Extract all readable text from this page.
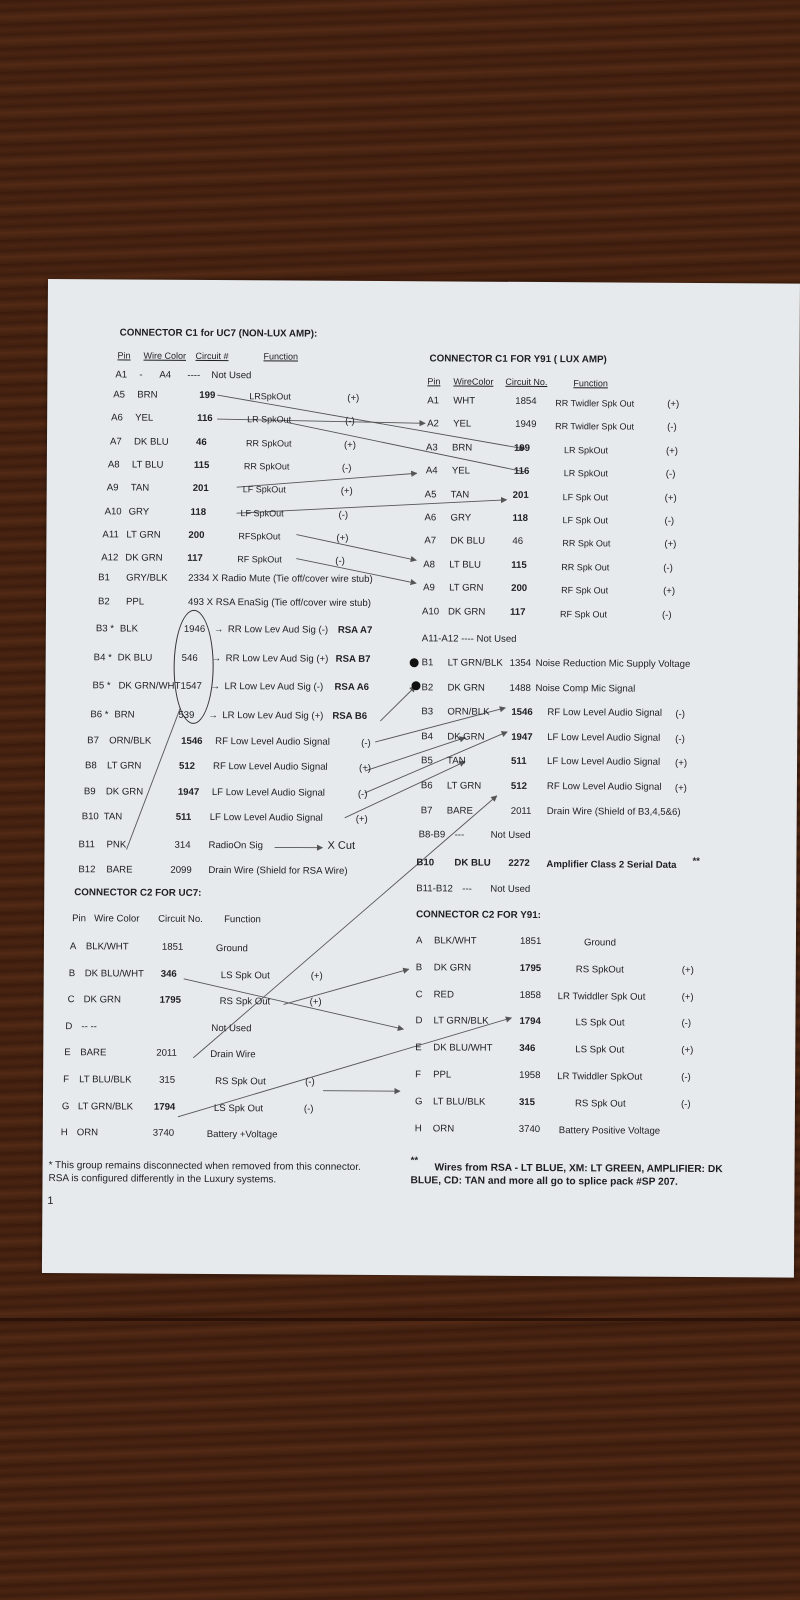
CONNECTOR C1 for UC7 (NON-LUX AMP):
Pin Wire Color Circuit #	Function
A1 - A4 ---- Not Used
A5 BRN	199	LRSpkOut	(+)
A6 YEL	116	LR SpkOut	(-)
A7 DK BLU	46	RR SpkOut	(+)
A8 LT BLU	115	RR SpkOut	(-)
A9 TAN	201	LF SpkOut	(+)
A10 GRY	118	LF SpkOut	(-)
A11 LT GRN	200	RFSpkOut	(+)
A12 DK GRN	117	RF SpkOut	(-)
B1 GRY/BLK 2334 X Radio Mute (Tie off/cover wire stub)
B2 PPL	493 X RSA EnaSig (Tie off/cover wire stub)
B3 * BLK	1946 → RR Low Lev Aud Sig (-) RSA A7
B4 * DK BLU	546 → RR Low Lev Aud Sig (+) RSA B7
B5 * DK GRN/WHT 1547 → LR Low Lev Aud Sig (-) RSA A6
B6 * BRN	539 → LR Low Lev Aud Sig (+) RSA B6
B7 ORN/BLK	1546 RF Low Level Audio Signal	(-)
B8 LT GRN	512 RF Low Level Audio Signal	(+)
B9 DK GRN	1947 LF Low Level Audio Signal	(-)
B10 TAN	511 LF Low Level Audio Signal	(+)
B11 PNK	314 RadioOn Sig	X Cut
B12 BARE	2099 Drain Wire (Shield for RSA Wire)
CONNECTOR C2 FOR UC7:
Pin Wire Color Circuit No. Function
A BLK/WHT	1851	Ground
B DK BLU/WHT 346	LS Spk Out	(+)
C DK GRN	1795	RS Spk Out	(+)
D -- --	Not Used
E BARE	2011	Drain Wire
F LT BLU/BLK	315	RS Spk Out	(-)
G LT GRN/BLK 1794	LS Spk Out	(-)
H ORN	3740	Battery +Voltage
* This group remains disconnected when removed from this connector. RSA is configured differently in the Luxury systems.
1
CONNECTOR C1 FOR Y91 ( LUX AMP)
Pin WireColor Circuit No.	Function
A1 WHT	1854 RR Twidler Spk Out	(+)
A2 YEL	1949 RR Twidler Spk Out	(-)
A3 BRN	199	LR SpkOut	(+)
A4 YEL	116	LR SpkOut	(-)
A5 TAN	201	LF Spk Out	(+)
A6 GRY	118	LF Spk Out	(-)
A7 DK BLU	46	RR Spk Out	(+)
A8 LT BLU	115	RR Spk Out	(-)
A9 LT GRN	200	RF Spk Out	(+)
A10 DK GRN	117	RF Spk Out	(-)
A11-A12 ---- Not Used
B1 LT GRN/BLK 1354 Noise Reduction Mic Supply Voltage
B2 DK GRN	1488 Noise Comp Mic Signal
B3 ORN/BLK 1546 RF Low Level Audio Signal (-)
B4 DK GRN	1947 LF Low Level Audio Signal (-)
B5 TAN	511 LF Low Level Audio Signal (+)
B6 LT GRN	512 RF Low Level Audio Signal (+)
B7 BARE	2011 Drain Wire (Shield of B3,4,5&6)
B8-B9 ---	Not Used
B10 DK BLU 2272 Amplifier Class 2 Serial Data **
B11-B12 --- Not Used
CONNECTOR C2 FOR Y91:
A BLK/WHT	1851	Ground
B DK GRN	1795	RS SpkOut	(+)
C RED	1858 LR Twiddler Spk Out	(+)
D LT GRN/BLK	1794	LS Spk Out	(-)
E DK BLU/WHT	346	LS Spk Out	(+)
F PPL	1958 LR Twiddler SpkOut	(-)
G LT BLU/BLK	315	RS Spk Out	(-)
H ORN	3740 Battery Positive Voltage
**
Wires from RSA - LT BLUE, XM: LT GREEN, AMPLIFIER: DK BLUE, CD: TAN and more all go to splice pack #SP 207.
